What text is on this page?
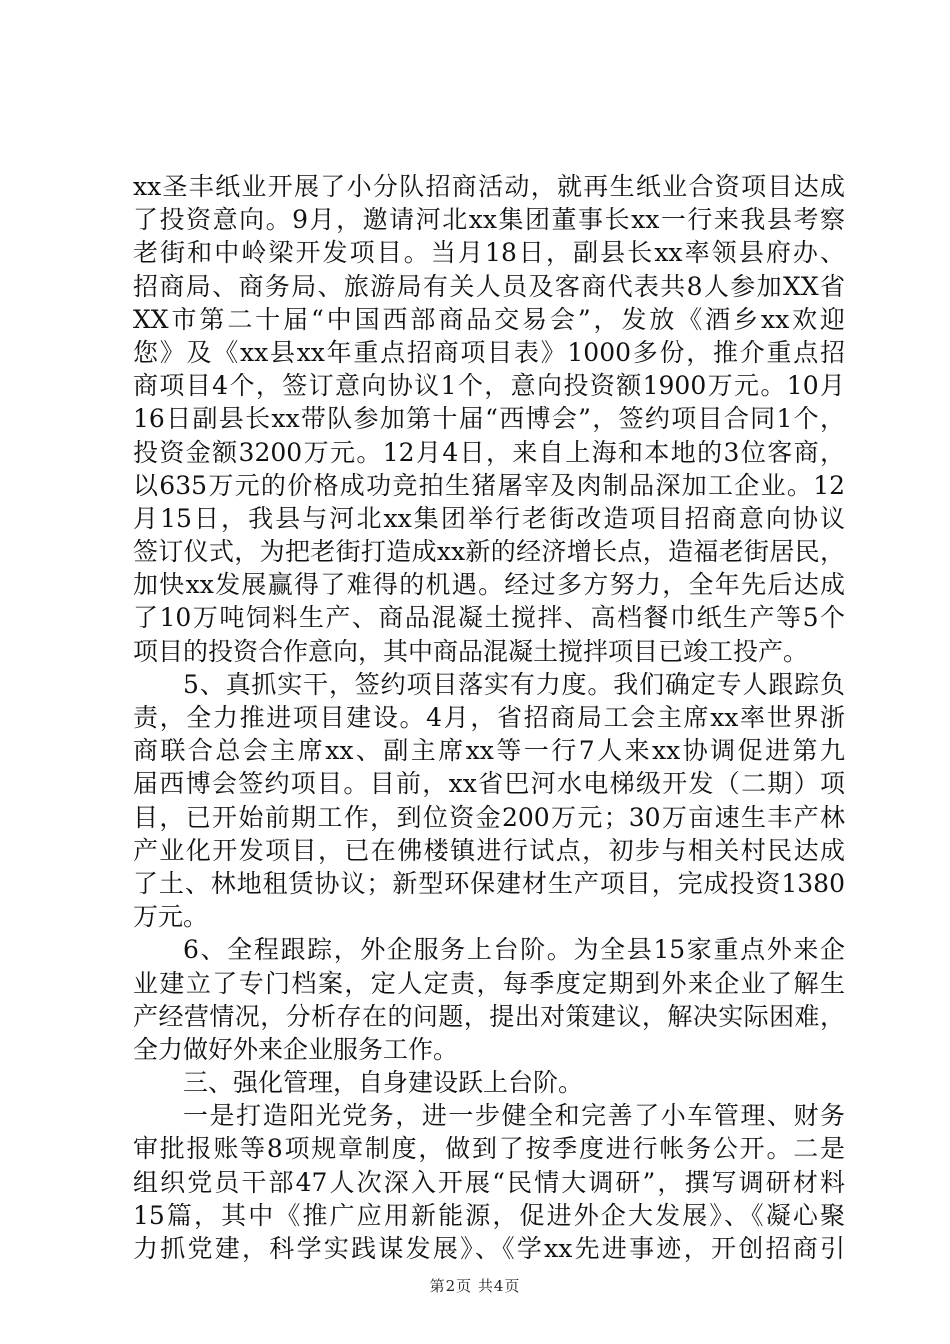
xx圣丰纸业开展了小分队招商活动，就再生纸业合资项目达成
了投资意向。9月，邀请河北xx集团董事长xx一行来我县考察
老街和中岭梁开发项目。当月18日，副县长xx率领县府办、
招商局、商务局、旅游局有关人员及客商代表共8人参加XX省
XX市第二十届“中国西部商品交易会”，发放《酒乡xx欢迎
您》及《xx县xx年重点招商项目表》1000多份，推介重点招
商项目4个，签订意向协议1个，意向投资额1900万元。10月
16日副县长xx带队参加第十届“西博会”，签约项目合同1个，
投资金额3200万元。12月4日，来自上海和本地的3位客商，
以635万元的价格成功竞拍生猪屠宰及肉制品深加工企业。12
月15日，我县与河北xx集团举行老街改造项目招商意向协议
签订仪式，为把老街打造成xx新的经济增长点，造福老街居民，
加快xx发展赢得了难得的机遇。经过多方努力，全年先后达成
了10万吨饲料生产、商品混凝土搅拌、高档餐巾纸生产等5个
项目的投资合作意向，其中商品混凝土搅拌项目已竣工投产。
5、真抓实干，签约项目落实有力度。我们确定专人跟踪负
责，全力推进项目建设。4月，省招商局工会主席xx率世界浙
商联合总会主席xx、副主席xx等一行7人来xx协调促进第九
届西博会签约项目。目前，xx省巴河水电梯级开发（二期）项
目，已开始前期工作，到位资金200万元；30万亩速生丰产林
产业化开发项目，已在佛楼镇进行试点，初步与相关村民达成
了土、林地租赁协议；新型环保建材生产项目，完成投资1380
万元。
6、全程跟踪，外企服务上台阶。为全县15家重点外来企
业建立了专门档案，定人定责，每季度定期到外来企业了解生
产经营情况，分析存在的问题，提出对策建议，解决实际困难，
全力做好外来企业服务工作。
三、强化管理，自身建设跃上台阶。
一是打造阳光党务，进一步健全和完善了小车管理、财务
审批报账等8项规章制度，做到了按季度进行帐务公开。二是
组织党员干部47人次深入开展“民情大调研”，撰写调研材料
15篇，其中《推广应用新能源，促进外企大发展》、《凝心聚
力抓党建，科学实践谋发展》、《学xx先进事迹，开创招商引
第2页 共4页
